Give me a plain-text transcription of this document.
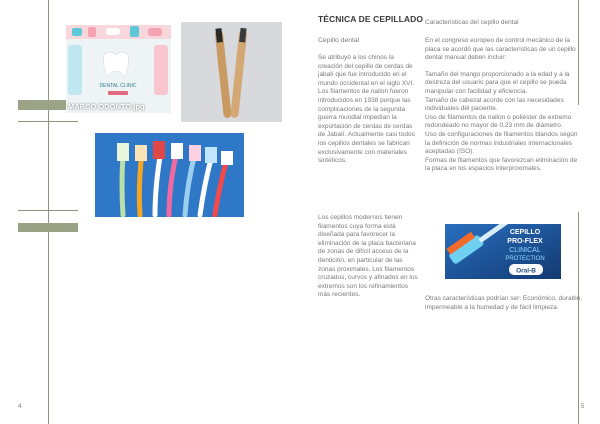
DENTAL CLINIC
MARCO ODONTO.jpg
CEPILLO
PRO-FLEX
CLINICAL
PROTECTION
Oral-B
TÉCNICA DE CEPILLADO
Cepillo dental

Se atribuyó a los chinos la creación del cepillo de cerdas de jabalí que fue introducido en el mundo occidental en el siglo XVI. Los filamentos de nailon fueron introducidos en 1938 porque las complicaciones de la segunda guerra mundial impedían la exportación de cerdas de cerdas de Jabalí. Actualmente casi todos los cepillos dentales se fabrican exclusivamente con materiales sintéticos.

Los cepillos modernos tienen filamentos cuya forma está diseñada para favorecer la eliminación de la placa bacteriana de zonas de difícil acceso de la dentición, en particular de las zonas proximales. Los filamentos cruzados, curvos y afinados en los extremos son los refinamientos más recientes.

Características del cepillo dental

En el congreso europeo de control mecánico de la placa se acordó que las características de un cepillo dental manual deben incluir:

Tamaño del mango proporcionado a la edad y a la destreza del usuario para que el cepillo se pueda manipular con facilidad y eficiencia.

Tamaño de cabezal acorde con las necesidades individuales del paciente.

Uso de filamentos de nailon o poliéster de extremo redondeado no mayor de 0.23 mm de diámetro.

Uso de configuraciones de filamentos blandos según la definición de normas industriales internacionales aceptadas (ISO).

Formas de filamentos que favorezcan eliminación de la placa en los espacios interproximales.

Otras características podrían ser: Económico, durable, impermeable a la humedad y de fácil limpieza.

4	5
